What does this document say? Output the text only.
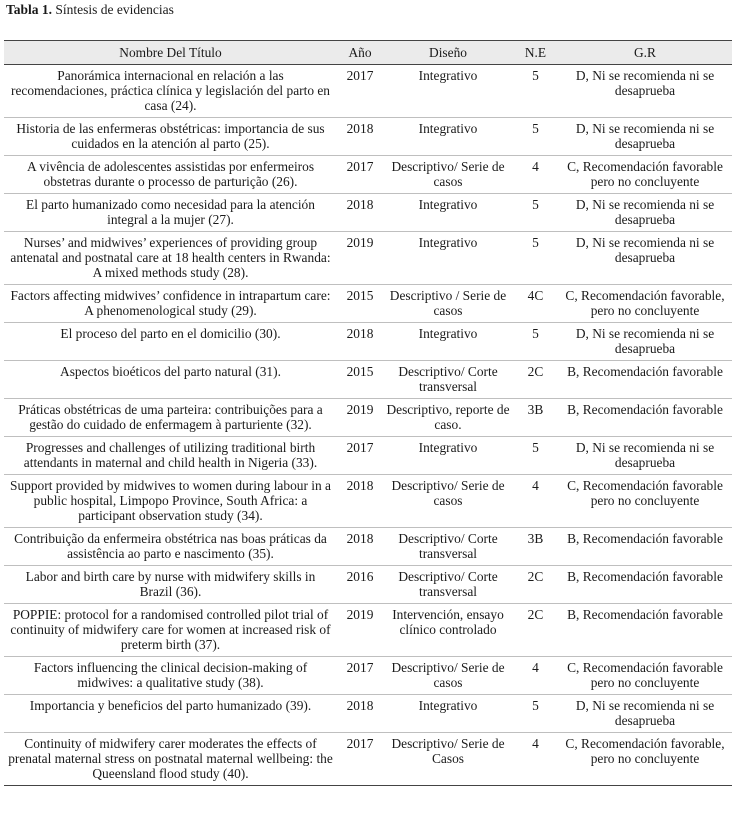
Tabla 1. Síntesis de evidencias
Nombre Del Título	Año	Diseño	N.E	G.R
Panorámica internacional en relación a las recomendaciones, práctica clínica y legislación del parto en casa (24).	2017	Integrativo	5	D, Ni se recomienda ni se desaprueba
Historia de las enfermeras obstétricas: importancia de sus cuidados en la atención al parto (25).	2018	Integrativo	5	D, Ni se recomienda ni se desaprueba
A vivência de adolescentes assistidas por enfermeiros obstetras durante o processo de parturição (26).	2017	Descriptivo/ Serie de casos	4	C, Recomendación favorable pero no concluyente
El parto humanizado como necesidad para la atención integral a la mujer (27).	2018	Integrativo	5	D, Ni se recomienda ni se desaprueba
Nurses’ and midwives’ experiences of providing group antenatal and postnatal care at 18 health centers in Rwanda: A mixed methods study (28).	2019	Integrativo	5	D, Ni se recomienda ni se desaprueba
Factors affecting midwives’ confidence in intrapartum care: A phenomenological study (29).	2015	Descriptivo / Serie de casos	4C	C, Recomendación favorable, pero no concluyente
El proceso del parto en el domicilio (30).	2018	Integrativo	5	D, Ni se recomienda ni se desaprueba
Aspectos bioéticos del parto natural (31).	2015	Descriptivo/ Corte transversal	2C	B, Recomendación favorable
Práticas obstétricas de uma parteira: contribuições para a gestão do cuidado de enfermagem à parturiente (32).	2019	Descriptivo, reporte de caso.	3B	B, Recomendación favorable
Progresses and challenges of utilizing traditional birth attendants in maternal and child health in Nigeria (33).	2017	Integrativo	5	D, Ni se recomienda ni se desaprueba
Support provided by midwives to women during labour in a public hospital, Limpopo Province, South Africa: a participant observation study (34).	2018	Descriptivo/ Serie de casos	4	C, Recomendación favorable pero no concluyente
Contribuição da enfermeira obstétrica nas boas práticas da assistência ao parto e nascimento (35).	2018	Descriptivo/ Corte transversal	3B	B, Recomendación favorable
Labor and birth care by nurse with midwifery skills in Brazil (36).	2016	Descriptivo/ Corte transversal	2C	B, Recomendación favorable
POPPIE: protocol for a randomised controlled pilot trial of continuity of midwifery care for women at increased risk of preterm birth (37).	2019	Intervención, ensayo clínico controlado	2C	B, Recomendación favorable
Factors influencing the clinical decision-making of midwives: a qualitative study (38).	2017	Descriptivo/ Serie de casos	4	C, Recomendación favorable pero no concluyente
Importancia y beneficios del parto humanizado (39).	2018	Integrativo	5	D, Ni se recomienda ni se desaprueba
Continuity of midwifery carer moderates the effects of prenatal maternal stress on postnatal maternal wellbeing: the Queensland flood study (40).	2017	Descriptivo/ Serie de Casos	4	C, Recomendación favorable, pero no concluyente
